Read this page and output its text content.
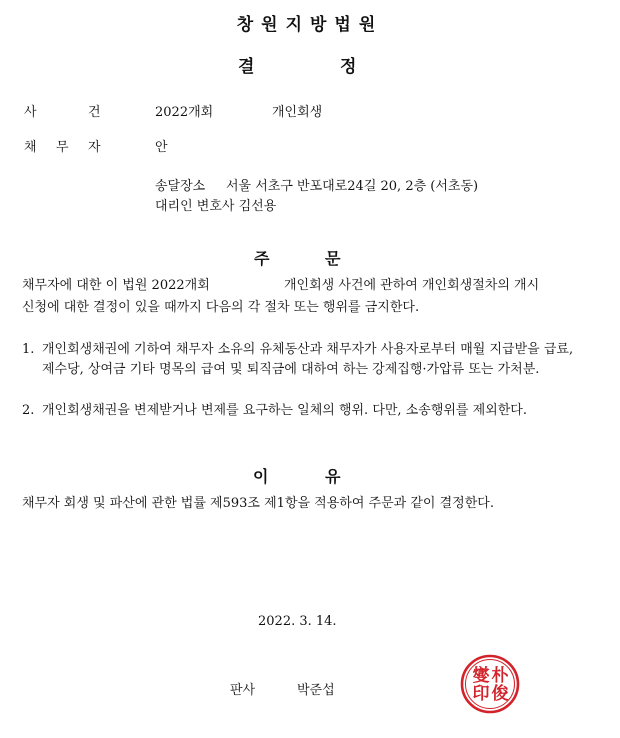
창원지방법원
결	정
사	건	2022개회	개인회생
채 무 자	안
송달장소 서울 서초구 반포대로24길 20, 2층 (서초동)
대리인 변호사 김선용
주	문
채무자에 대한 이 법원 2022개회	개인회생 사건에 관하여 개인회생절차의 개시
신청에 대한 결정이 있을 때까지 다음의 각 절차 또는 행위를 금지한다.
1. 개인회생채권에 기하여 채무자 소유의 유체동산과 채무자가 사용자로부터 매월 지급받을 급료, 제수당, 상여금 기타 명목의 급여 및 퇴직금에 대하여 하는 강제집행·가압류 또는 가처분.
2. 개인회생채권을 변제받거나 변제를 요구하는 일체의 행위. 다만, 소송행위를 제외한다.
이	유
채무자 회생 및 파산에 관한 법률 제593조 제1항을 적용하여 주문과 같이 결정한다.
2022. 3. 14.
판사	박준섭
朴
俊
燮
印
